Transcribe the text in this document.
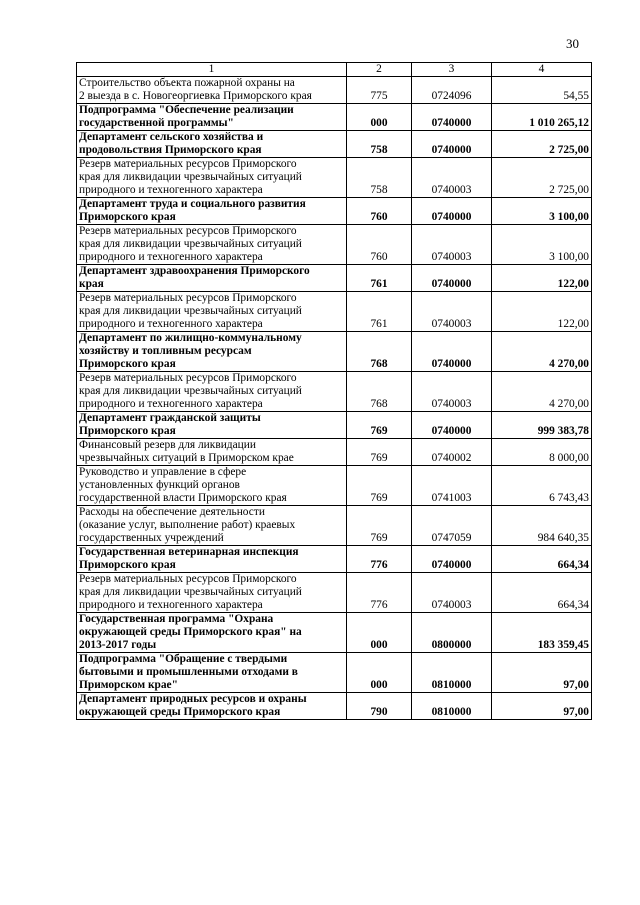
30
1	2	3	4

Строительство объекта пожарной охраны на
2 выезда в с. Новогеоргиевка Приморского края	775	0724096	54,55

Подпрограмма "Обеспечение реализации
государственной программы"	000	0740000	1 010 265,12

Департамент сельского хозяйства и
продовольствия Приморского края	758	0740000	2 725,00

Резерв материальных ресурсов Приморского
края для ликвидации чрезвычайных ситуаций
природного и техногенного характера	758	0740003	2 725,00

Департамент труда и социального развития
Приморского края	760	0740000	3 100,00

Резерв материальных ресурсов Приморского
края для ликвидации чрезвычайных ситуаций
природного и техногенного характера	760	0740003	3 100,00

Департамент здравоохранения Приморского
края	761	0740000	122,00

Резерв материальных ресурсов Приморского
края для ликвидации чрезвычайных ситуаций
природного и техногенного характера	761	0740003	122,00

Департамент по жилищно-коммунальному
хозяйству и топливным ресурсам
Приморского края	768	0740000	4 270,00

Резерв материальных ресурсов Приморского
края для ликвидации чрезвычайных ситуаций
природного и техногенного характера	768	0740003	4 270,00

Департамент гражданской защиты
Приморского края	769	0740000	999 383,78

Финансовый резерв для ликвидации
чрезвычайных ситуаций в Приморском крае	769	0740002	8 000,00

Руководство и управление в сфере
установленных функций органов
государственной власти Приморского края	769	0741003	6 743,43

Расходы на обеспечение деятельности
(оказание услуг, выполнение работ) краевых
государственных учреждений	769	0747059	984 640,35

Государственная ветеринарная инспекция
Приморского края	776	0740000	664,34

Резерв материальных ресурсов Приморского
края для ликвидации чрезвычайных ситуаций
природного и техногенного характера	776	0740003	664,34

Государственная программа "Охрана
окружающей среды Приморского края" на
2013-2017 годы	000	0800000	183 359,45

Подпрограмма "Обращение с твердыми
бытовыми и промышленными отходами в
Приморском крае"	000	0810000	97,00

Департамент природных ресурсов и охраны
окружающей среды Приморского края	790	0810000	97,00
